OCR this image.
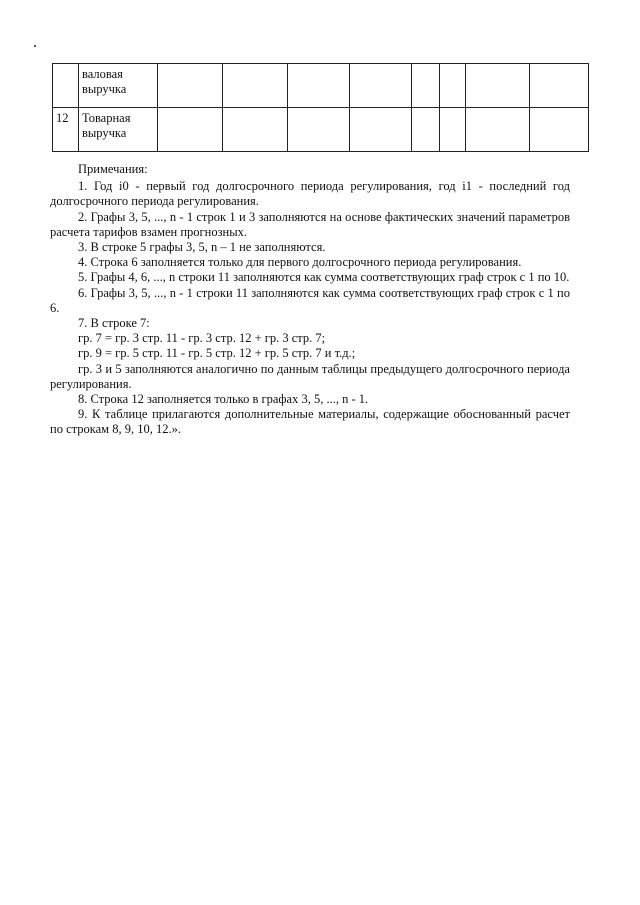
	валовая выручка								
12	Товарная выручка								

Примечания:

1. Год i0 - первый год долгосрочного периода регулирования, год i1 - последний год долгосрочного периода регулирования.

2. Графы 3, 5, ..., n - 1 строк 1 и 3 заполняются на основе фактических значений параметров расчета тарифов взамен прогнозных.

3. В строке 5 графы 3, 5, n – 1 не заполняются.

4. Строка 6 заполняется только для первого долгосрочного периода регулирования.

5. Графы 4, 6, ..., n строки 11 заполняются как сумма соответствующих граф строк с 1 по 10.

6. Графы 3, 5, ..., n - 1 строки 11 заполняются как сумма соответствующих граф строк с 1 по 6.

7. В строке 7:

гр. 7 = гр. 3 стр. 11 - гр. 3 стр. 12 + гр. 3 стр. 7;

гр. 9 = гр. 5 стр. 11 - гр. 5 стр. 12 + гр. 5 стр. 7 и т.д.;

гр. 3 и 5 заполняются аналогично по данным таблицы предыдущего долгосрочного периода регулирования.

8. Строка 12 заполняется только в графах 3, 5, ..., n - 1.

9. К таблице прилагаются дополнительные материалы, содержащие обоснованный расчет по строкам 8, 9, 10, 12.».
